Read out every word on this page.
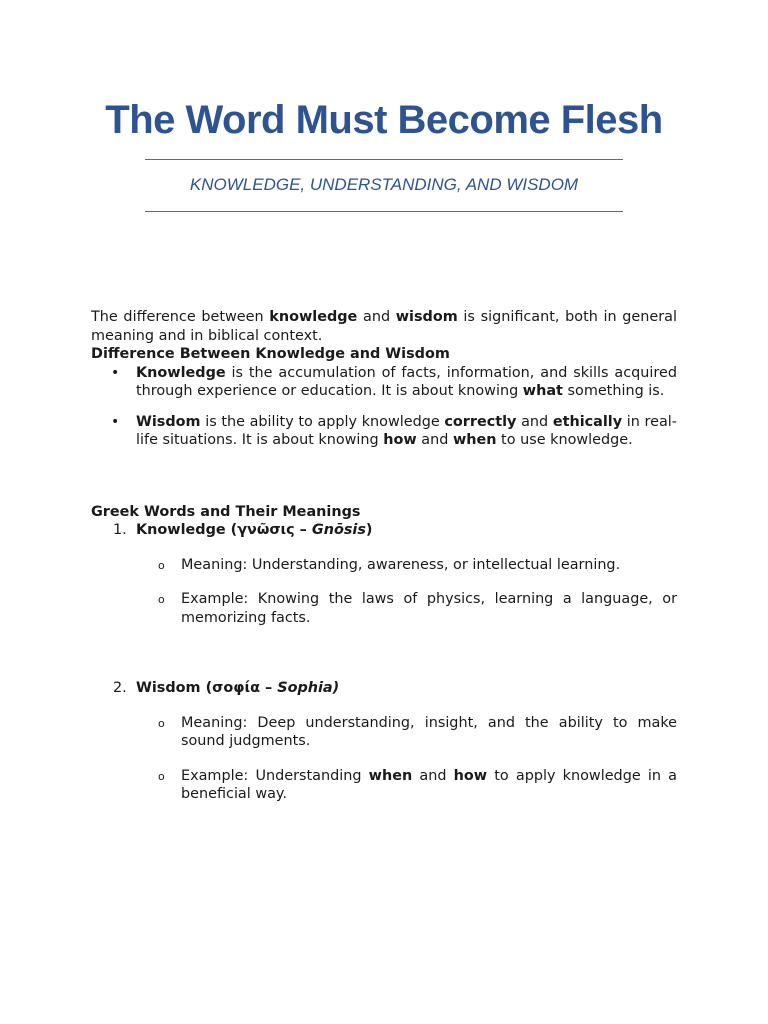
The Word Must Become Flesh

KNOWLEDGE, UNDERSTANDING, AND WISDOM

The difference between knowledge and wisdom is significant, both in general meaning and in biblical context.

Difference Between Knowledge and Wisdom

• Knowledge is the accumulation of facts, information, and skills acquired through experience or education. It is about knowing what something is.
• Wisdom is the ability to apply knowledge correctly and ethically in real-life situations. It is about knowing how and when to use knowledge.

Greek Words and Their Meanings

1. Knowledge (γνῶσις – Gnōsis)

o Meaning: Understanding, awareness, or intellectual learning.
o Example: Knowing the laws of physics, learning a language, or memorizing facts.
2. Wisdom (σοφία – Sophia)

o Meaning: Deep understanding, insight, and the ability to make sound judgments.
o Example: Understanding when and how to apply knowledge in a beneficial way.
